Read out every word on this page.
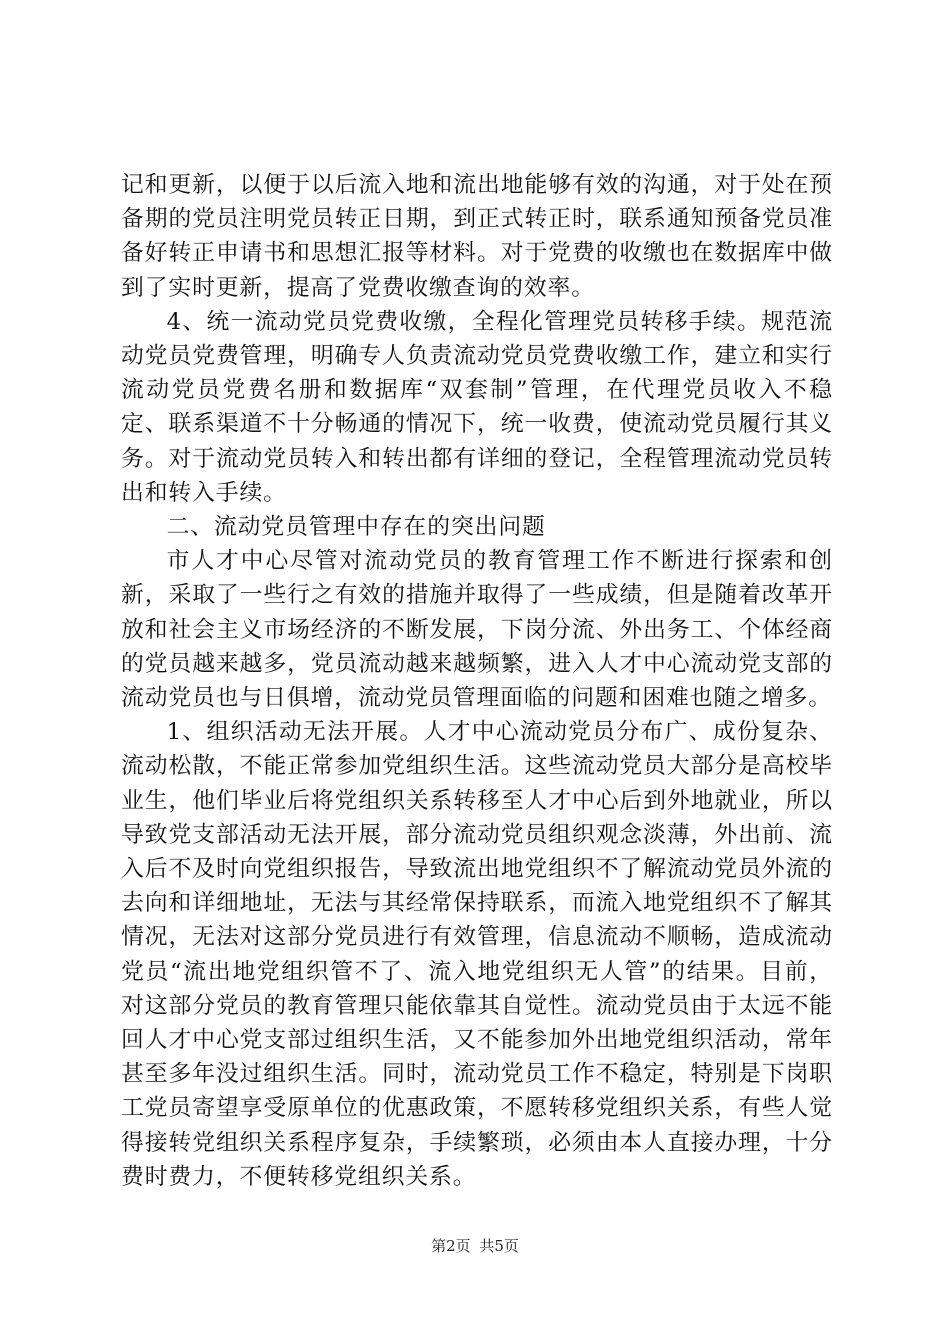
记和更新，以便于以后流入地和流出地能够有效的沟通，对于处在预备期的党员注明党员转正日期，到正式转正时，联系通知预备党员准备好转正申请书和思想汇报等材料。对于党费的收缴也在数据库中做到了实时更新，提高了党费收缴查询的效率。

4、统一流动党员党费收缴，全程化管理党员转移手续。规范流动党员党费管理，明确专人负责流动党员党费收缴工作，建立和实行流动党员党费名册和数据库“双套制”管理，在代理党员收入不稳定、联系渠道不十分畅通的情况下，统一收费，使流动党员履行其义务。对于流动党员转入和转出都有详细的登记，全程管理流动党员转出和转入手续。

二、流动党员管理中存在的突出问题

市人才中心尽管对流动党员的教育管理工作不断进行探索和创新，采取了一些行之有效的措施并取得了一些成绩，但是随着改革开放和社会主义市场经济的不断发展，下岗分流、外出务工、个体经商的党员越来越多，党员流动越来越频繁，进入人才中心流动党支部的流动党员也与日俱增，流动党员管理面临的问题和困难也随之增多。

1、组织活动无法开展。人才中心流动党员分布广、成份复杂、流动松散，不能正常参加党组织生活。这些流动党员大部分是高校毕业生，他们毕业后将党组织关系转移至人才中心后到外地就业，所以导致党支部活动无法开展，部分流动党员组织观念淡薄，外出前、流入后不及时向党组织报告，导致流出地党组织不了解流动党员外流的去向和详细地址，无法与其经常保持联系，而流入地党组织不了解其情况，无法对这部分党员进行有效管理，信息流动不顺畅，造成流动党员“流出地党组织管不了、流入地党组织无人管”的结果。目前，对这部分党员的教育管理只能依靠其自觉性。流动党员由于太远不能回人才中心党支部过组织生活，又不能参加外出地党组织活动，常年甚至多年没过组织生活。同时，流动党员工作不稳定，特别是下岗职工党员寄望享受原单位的优惠政策，不愿转移党组织关系，有些人觉得接转党组织关系程序复杂，手续繁琐，必须由本人直接办理，十分费时费力，不便转移党组织关系。

第2页 共5页
